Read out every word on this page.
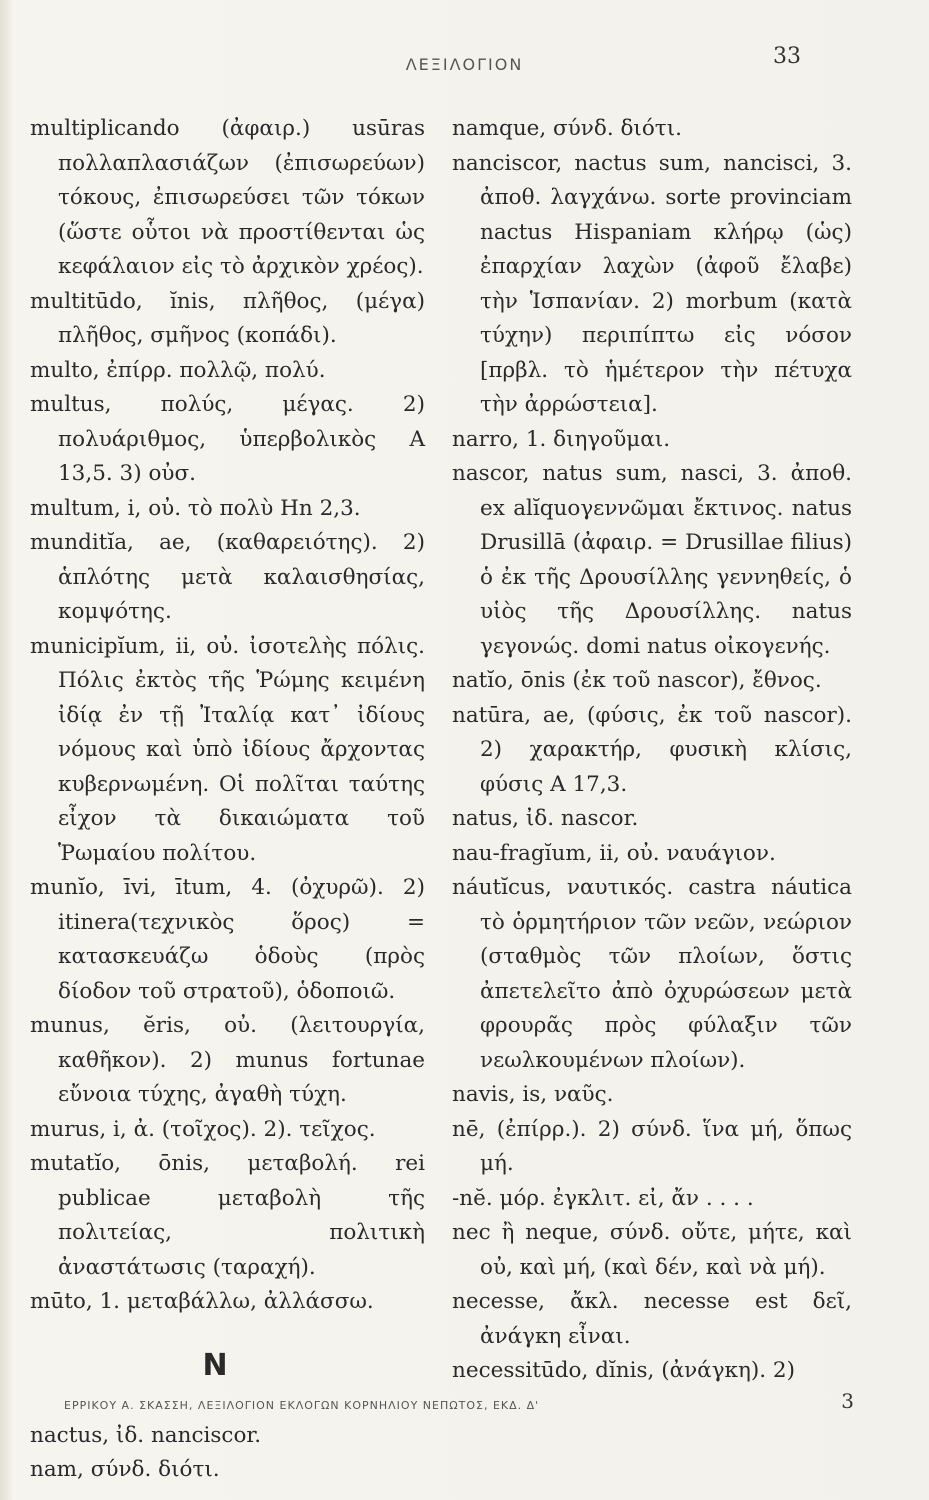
ΛΕΞΙΛΟΓΙΟΝ	33

multiplicando (ἀφαιρ.) usūras πολλαπλασιάζων (ἐπισωρεύων) τόκους, ἐπισωρεύσει τῶν τόκων (ὥστε οὗτοι νὰ προστίθενται ὡς κεφάλαιον εἰς τὸ ἀρχικὸν χρέος).

multitūdo, ĭnis, πλῆθος, (μέγα) πλῆθος, σμῆνος (κοπάδι).

multo, ἐπίρρ. πολλῷ, πολύ.

multus, πολύς, μέγας. 2) πολυάριθμος, ὑπερβολικὸς A 13,5. 3) οὐσ.

multum, i, οὐ. τὸ πολὺ Hn 2,3.

munditĭa, ae, (καθαρειότης). 2) ἁπλότης μετὰ καλαισθησίας, κομψότης.

municipĭum, ii, οὐ. ἰσοτελὴς πόλις. Πόλις ἐκτὸς τῆς Ῥώμης κειμένη ἰδίᾳ ἐν τῇ Ἰταλίᾳ κατ᾽ ἰδίους νόμους καὶ ὑπὸ ἰδίους ἄρχοντας κυβερνωμένη. Οἱ πολῖται ταύτης εἶχον τὰ δικαιώματα τοῦ Ῥωμαίου πολίτου.

munĭo, īvi, ītum, 4. (ὀχυρῶ). 2) itinera(τεχνικὸς ὅρος) = κατασκευάζω ὁδοὺς (πρὸς δίοδον τοῦ στρατοῦ), ὁδοποιῶ.

munus, ĕris, οὐ. (λειτουργία, καθῆκον). 2) munus fortunae εὔνοια τύχης, ἀγαθὴ τύχη.

murus, i, ἀ. (τοῖχος). 2). τεῖχος.

mutatĭo, ōnis, μεταβολή. rei publicae μεταβολὴ τῆς πολιτείας, πολιτικὴ ἀναστάτωσις (ταραχή).

mūto, 1. μεταβάλλω, ἀλλάσσω.

N

nactus, ἰδ. nanciscor.

nam, σύνδ. διότι.

namque, σύνδ. διότι.

nanciscor, nactus sum, nancisci, 3. ἀποθ. λαγχάνω. sorte provinciam nactus Hispaniam κλήρῳ (ὡς) ἐπαρχίαν λαχὼν (ἀφοῦ ἔλαβε) τὴν Ἱσπανίαν. 2) morbum (κατὰ τύχην) περιπίπτω εἰς νόσον [πρβλ. τὸ ἡμέτερον τὴν πέτυχα τὴν ἀρρώστεια].

narro, 1. διηγοῦμαι.

nascor, natus sum, nasci, 3. ἀποθ. ex alĭquoγεννῶμαι ἔκτινος. natus Drusillā (ἀφαιρ. = Drusillae filius) ὁ ἐκ τῆς Δρουσίλλης γεννηθείς, ὁ υἱὸς τῆς Δρουσίλλης. natus γεγονώς. domi natus οἰκογενής.

natĭo, ōnis (ἐκ τοῦ nascor), ἔθνος.

natūra, ae, (φύσις, ἐκ τοῦ nascor). 2) χαρακτήρ, φυσικὴ κλίσις, φύσις A 17,3.

natus, ἰδ. nascor.

nau-fragĭum, ii, οὐ. ναυάγιον.

náutĭcus, ναυτικός. castra náutica τὸ ὁρμητήριον τῶν νεῶν, νεώριον (σταθμὸς τῶν πλοίων, ὅστις ἀπετελεῖτο ἀπὸ ὀχυρώσεων μετὰ φρουρᾶς πρὸς φύλαξιν τῶν νεωλκουμένων πλοίων).

navis, is, ναῦς.

nē, (ἐπίρρ.). 2) σύνδ. ἵνα μή, ὅπως μή.

-nĕ. μόρ. ἐγκλιτ. εἰ, ἄν . . . .

nec ἢ neque, σύνδ. οὔτε, μήτε, καὶ οὐ, καὶ μή, (καὶ δέν, καὶ νὰ μή).

necesse, ἄκλ. necesse est δεῖ, ἀνάγκη εἶναι.

necessitūdo, dĭnis, (ἀνάγκη). 2)

ΕΡΡΙΚΟΥ Α. ΣΚΑΣΣΗ, ΛΕΞΙΛΟΓΙΟΝ ΕΚΛΟΓΩΝ ΚΟΡΝΗΛΙΟΥ ΝΕΠΩΤΟΣ, ΕΚΔ. Δ'	3
